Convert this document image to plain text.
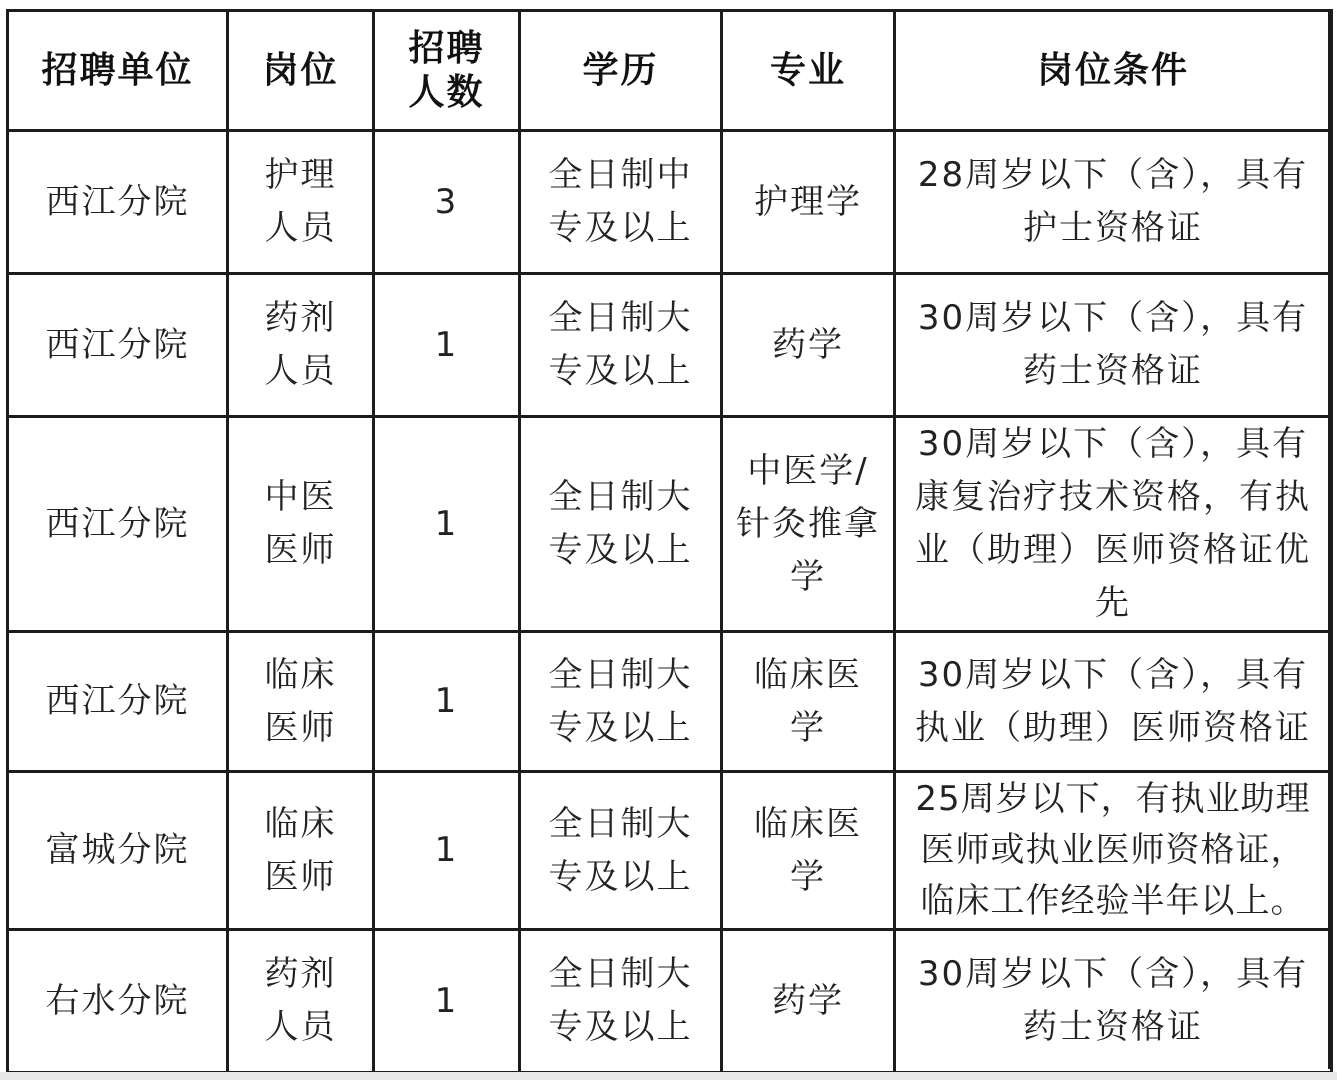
招聘单位	岗位	招聘人数	学历	专业	岗位条件
西江分院	护理人员	3	全日制中专及以上	护理学	28周岁以下（含），具有护士资格证
西江分院	药剂人员	1	全日制大专及以上	药学	30周岁以下（含），具有药士资格证
西江分院	中医医师	1	全日制大专及以上	中医学/针灸推拿学	30周岁以下（含），具有康复治疗技术资格，有执业（助理）医师资格证优先
西江分院	临床医师	1	全日制大专及以上	临床医学	30周岁以下（含），具有执业（助理）医师资格证
富城分院	临床医师	1	全日制大专及以上	临床医学	25周岁以下，有执业助理医师或执业医师资格证，临床工作经验半年以上。
右水分院	药剂人员	1	全日制大专及以上	药学	30周岁以下（含），具有药士资格证
